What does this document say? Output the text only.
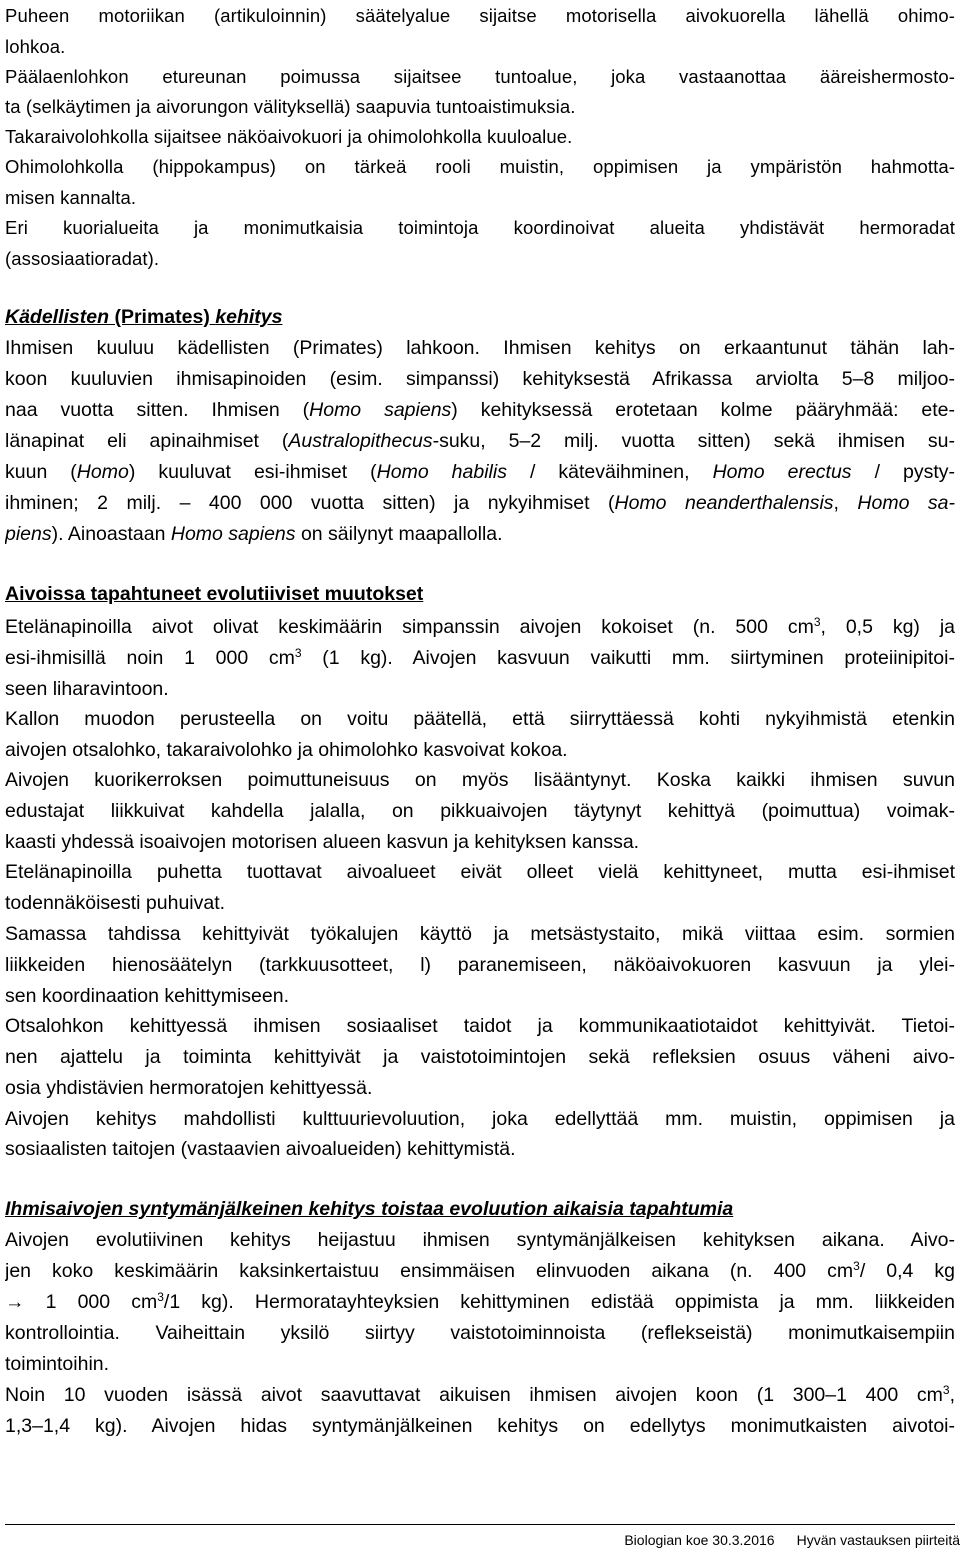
Puheen motoriikan (artikuloinnin) säätelyalue sijaitse motorisella aivokuorella lähellä ohimo-
lohkoa.
Päälaenlohkon etureunan poimussa sijaitsee tuntoalue, joka vastaanottaa ääreishermosto-
ta (selkäytimen ja aivorungon välityksellä) saapuvia tuntoaistimuksia.
Takaraivolohkolla sijaitsee näköaivokuori ja ohimolohkolla kuuloalue.
Ohimolohkolla (hippokampus) on tärkeä rooli muistin, oppimisen ja ympäristön hahmotta-
misen kannalta.
Eri kuorialueita ja monimutkaisia toimintoja koordinoivat alueita yhdistävät hermoradat
(assosiaatioradat).
Kädellisten (Primates) kehitys
Ihmisen kuuluu kädellisten (Primates) lahkoon. Ihmisen kehitys on erkaantunut tähän lah-
koon kuuluvien ihmisapinoiden (esim. simpanssi) kehityksestä Afrikassa arviolta 5–8 miljoo-
naa vuotta sitten. Ihmisen (Homo sapiens) kehityksessä erotetaan kolme pääryhmää: ete-
länapinat eli apinaihmiset (Australopithecus-suku, 5–2 milj. vuotta sitten) sekä ihmisen su-
kuun (Homo) kuuluvat esi-ihmiset (Homo habilis / käteväihminen, Homo erectus / pysty-
ihminen; 2 milj. – 400 000 vuotta sitten) ja nykyihmiset (Homo neanderthalensis, Homo sa-
piens). Ainoastaan Homo sapiens on säilynyt maapallolla.
Aivoissa tapahtuneet evolutiiviset muutokset
Etelänapinoilla aivot olivat keskimäärin simpanssin aivojen kokoiset (n. 500 $cm^3$, 0,5 kg) ja
esi-ihmisillä noin 1 000 $cm^3$ (1 kg). Aivojen kasvuun vaikutti mm. siirtyminen proteiinipitoi-
seen liharavintoon.
Kallon muodon perusteella on voitu päätellä, että siirryttäessä kohti nykyihmistä etenkin
aivojen otsalohko, takaraivolohko ja ohimolohko kasvoivat kokoa.
Aivojen kuorikerroksen poimuttuneisuus on myös lisääntynyt. Koska kaikki ihmisen suvun
edustajat liikkuivat kahdella jalalla, on pikkuaivojen täytynyt kehittyä (poimuttua) voimak-
kaasti yhdessä isoaivojen motorisen alueen kasvun ja kehityksen kanssa.
Etelänapinoilla puhetta tuottavat aivoalueet eivät olleet vielä kehittyneet, mutta esi-ihmiset
todennäköisesti puhuivat.
Samassa tahdissa kehittyivät työkalujen käyttö ja metsästystaito, mikä viittaa esim. sormien
liikkeiden hienosäätelyn (tarkkuusotteet, l) paranemiseen, näköaivokuoren kasvuun ja ylei-
sen koordinaation kehittymiseen.
Otsalohkon kehittyessä ihmisen sosiaaliset taidot ja kommunikaatiotaidot kehittyivät. Tietoi-
nen ajattelu ja toiminta kehittyivät ja vaistotoimintojen sekä refleksien osuus väheni aivo-
osia yhdistävien hermoratojen kehittyessä.
Aivojen kehitys mahdollisti kulttuurievoluution, joka edellyttää mm. muistin, oppimisen ja
sosiaalisten taitojen (vastaavien aivoalueiden) kehittymistä.
Ihmisaivojen syntymänjälkeinen kehitys toistaa evoluution aikaisia tapahtumia
Aivojen evolutiivinen kehitys heijastuu ihmisen syntymänjälkeisen kehityksen aikana. Aivo-
jen koko keskimäärin kaksinkertaistuu ensimmäisen elinvuoden aikana (n. 400 $cm^3/$ 0,4 kg
→ 1 000 $cm^3/1$ kg). Hermoratayhteyksien kehittyminen edistää oppimista ja mm. liikkeiden
kontrollointia. Vaiheittain yksilö siirtyy vaistotoiminnoista (reflekseistä) monimutkaisempiin
toimintoihin.
Noin 10 vuoden isässä aivot saavuttavat aikuisen ihmisen aivojen koon (1 300–1 400 $cm^3$,
1,3–1,4 kg). Aivojen hidas syntymänjälkeinen kehitys on edellytys monimutkaisten aivotoi-
Biologian koe 30.3.2016 Hyvän vastauksen piirteitä
